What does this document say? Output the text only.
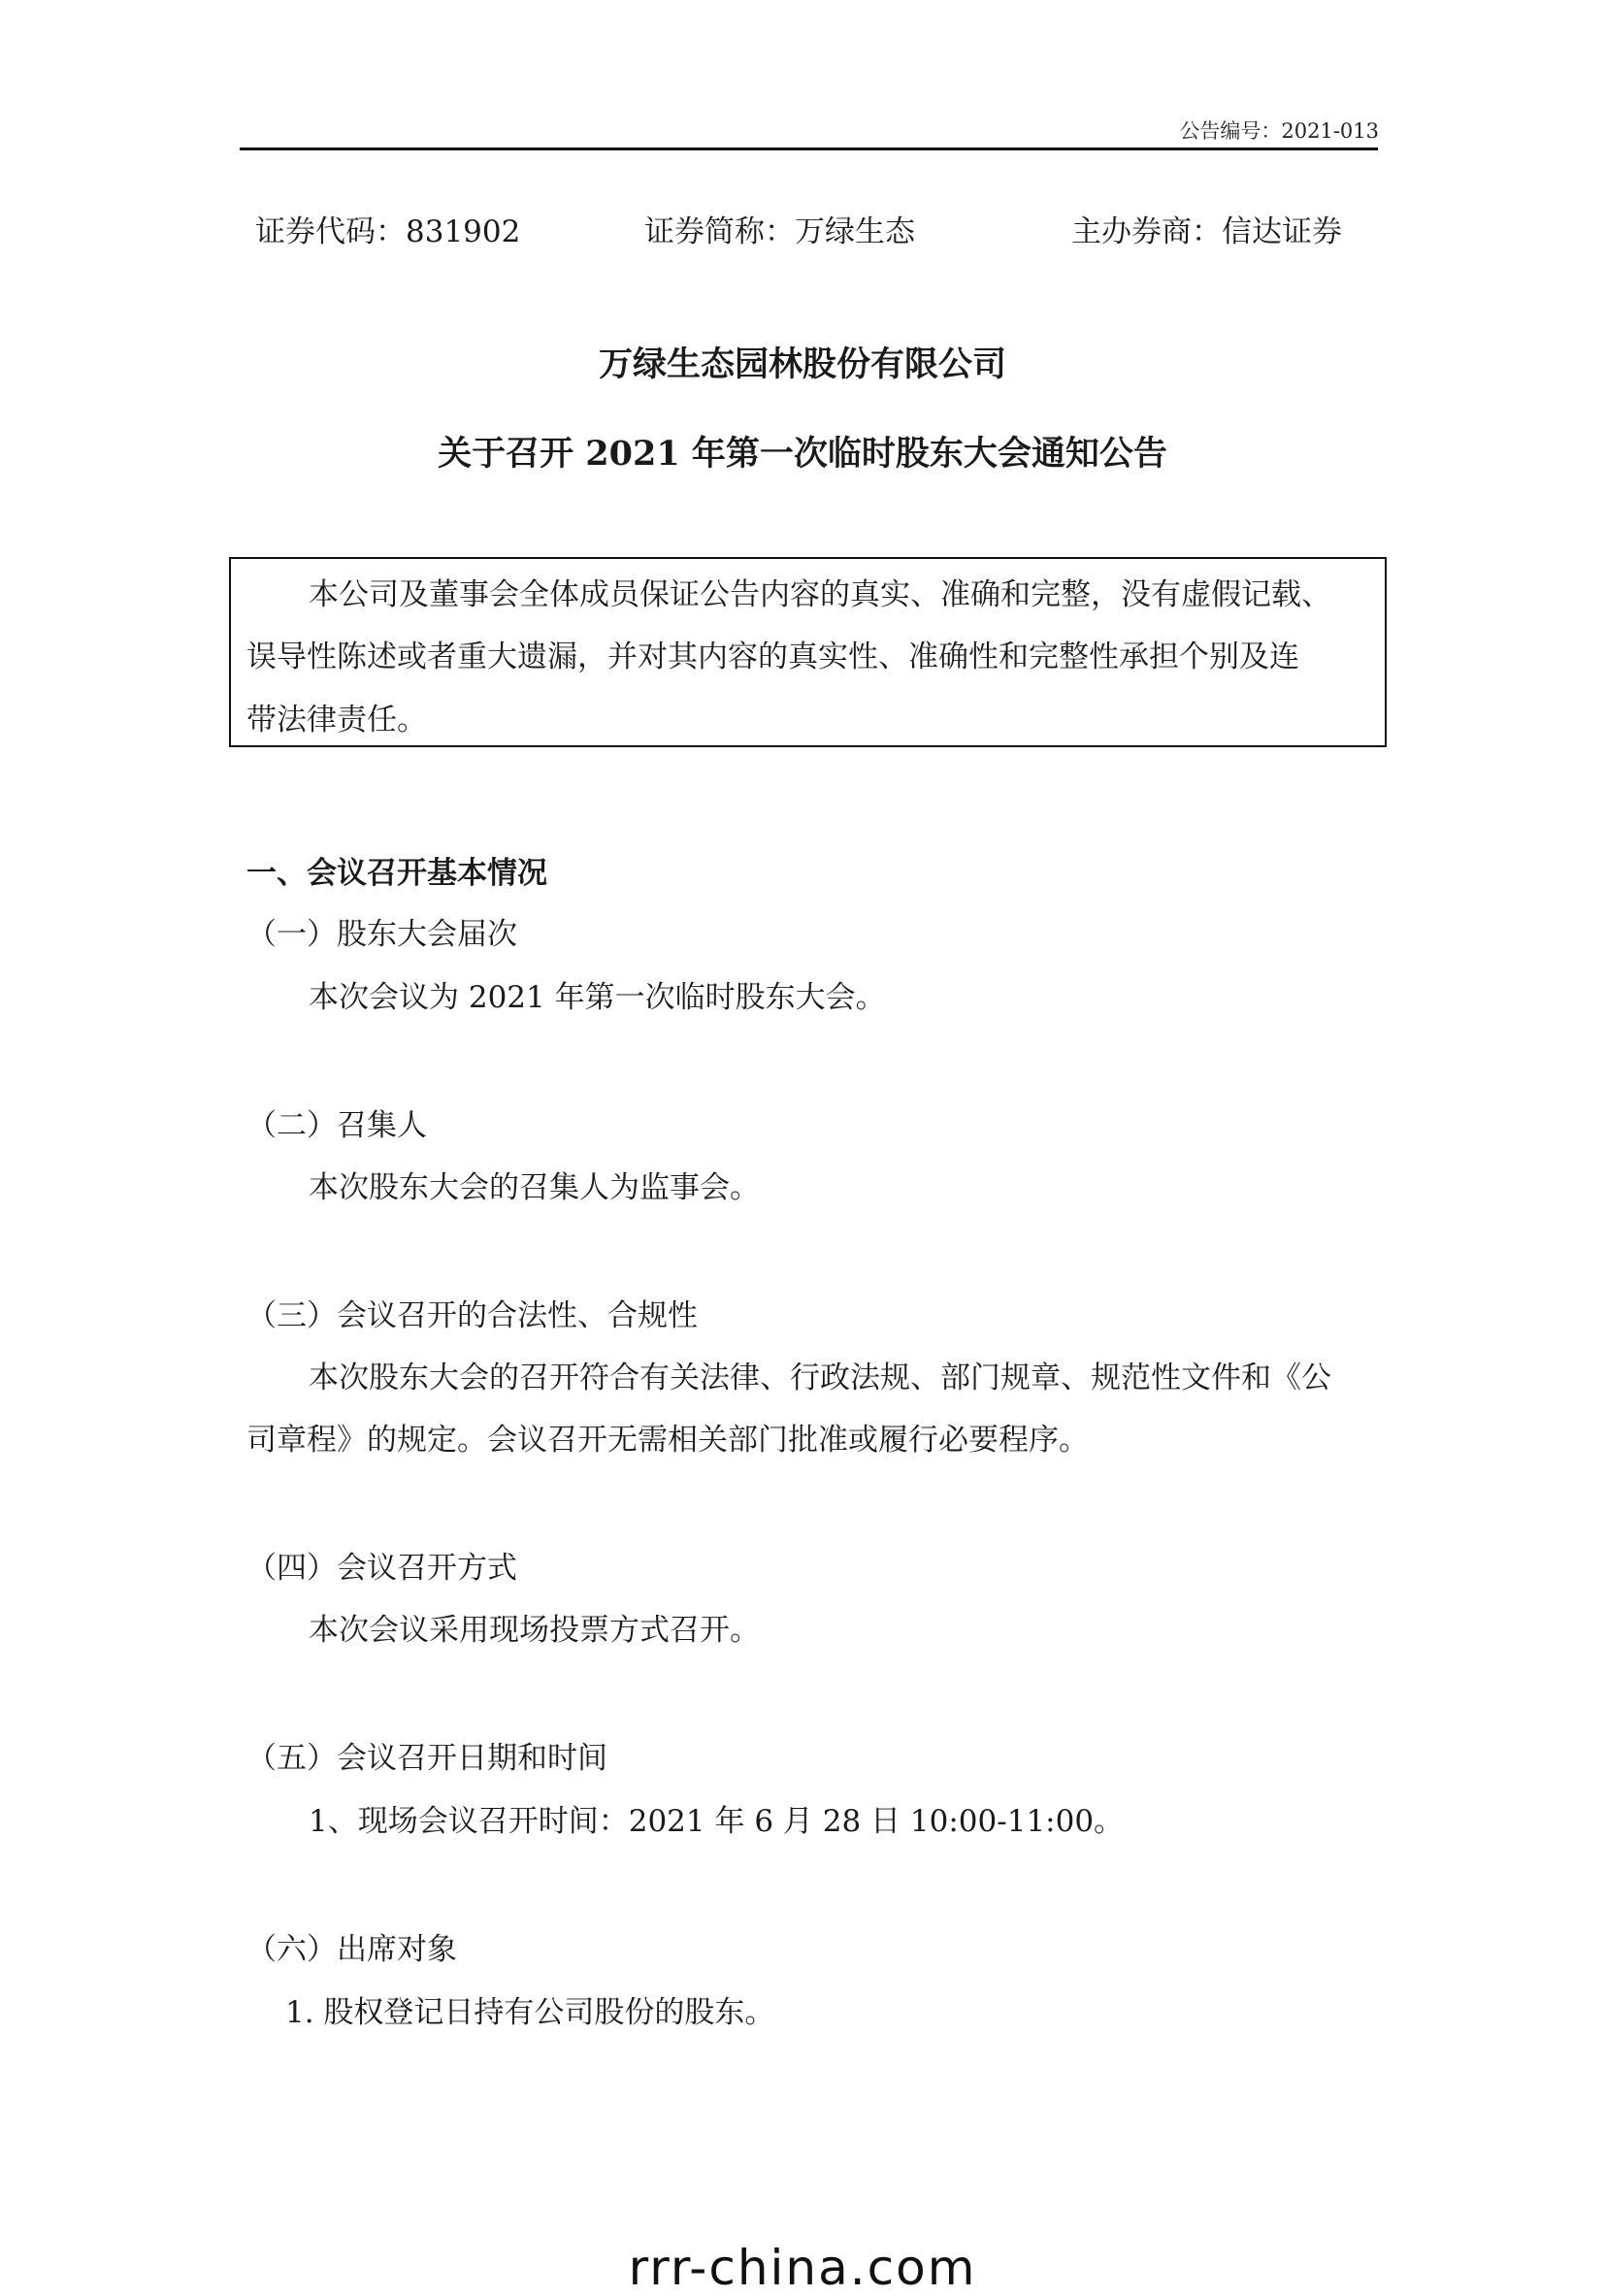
公告编号：2021-013
证券代码：831902	证券简称：万绿生态	主办券商：信达证券
万绿生态园林股份有限公司
关于召开 2021 年第一次临时股东大会通知公告
本公司及董事会全体成员保证公告内容的真实、准确和完整，没有虚假记载、
误导性陈述或者重大遗漏，并对其内容的真实性、准确性和完整性承担个别及连
带法律责任。
一、会议召开基本情况
（一）股东大会届次
本次会议为 2021 年第一次临时股东大会。
（二）召集人
本次股东大会的召集人为监事会。
（三）会议召开的合法性、合规性
本次股东大会的召开符合有关法律、行政法规、部门规章、规范性文件和《公
司章程》的规定。会议召开无需相关部门批准或履行必要程序。
（四）会议召开方式
本次会议采用现场投票方式召开。
（五）会议召开日期和时间
1、现场会议召开时间：2021 年 6 月 28 日 10:00-11:00。
（六）出席对象
1. 股权登记日持有公司股份的股东。
rrr-china.com
